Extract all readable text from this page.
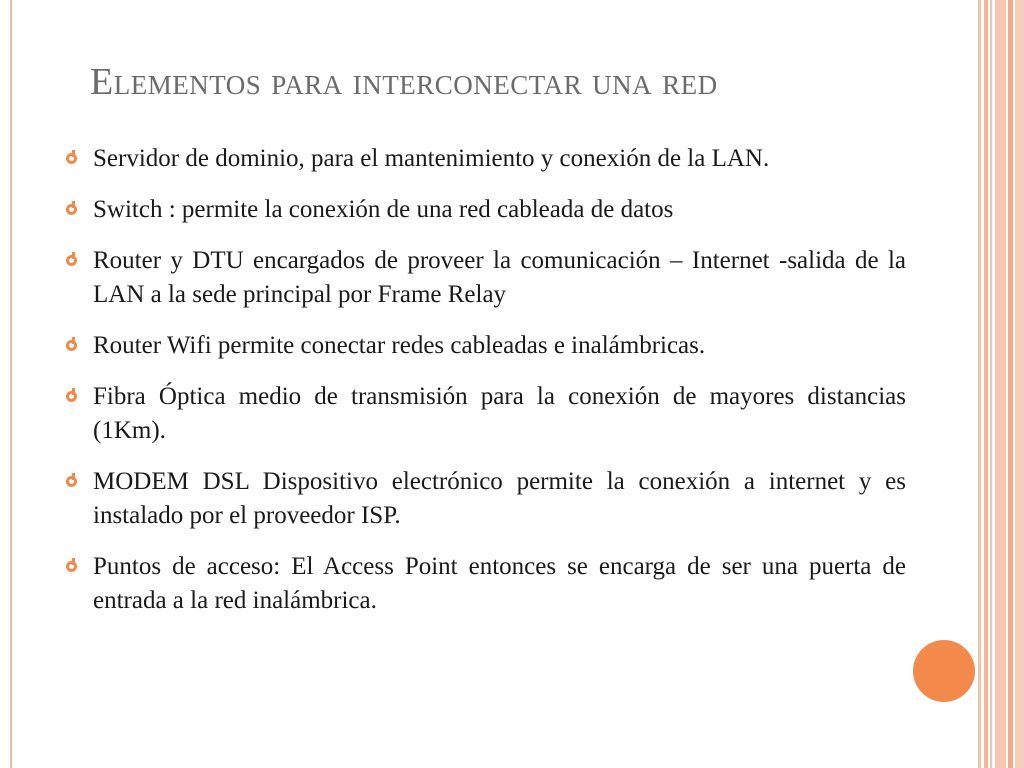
Elementos para interconectar una red
Servidor de dominio, para el mantenimiento y conexión de la LAN.
Switch : permite la conexión de una red cableada de datos
Router y DTU encargados de proveer la comunicación – Internet -salida de la LAN a la sede principal por Frame Relay
Router Wifi permite conectar redes cableadas e inalámbricas.
Fibra Óptica medio de transmisión para la conexión de mayores distancias (1Km).
MODEM DSL Dispositivo electrónico permite la conexión a internet y es instalado por el proveedor ISP.
Puntos de acceso: El Access Point entonces se encarga de ser una puerta de entrada a la red inalámbrica.
